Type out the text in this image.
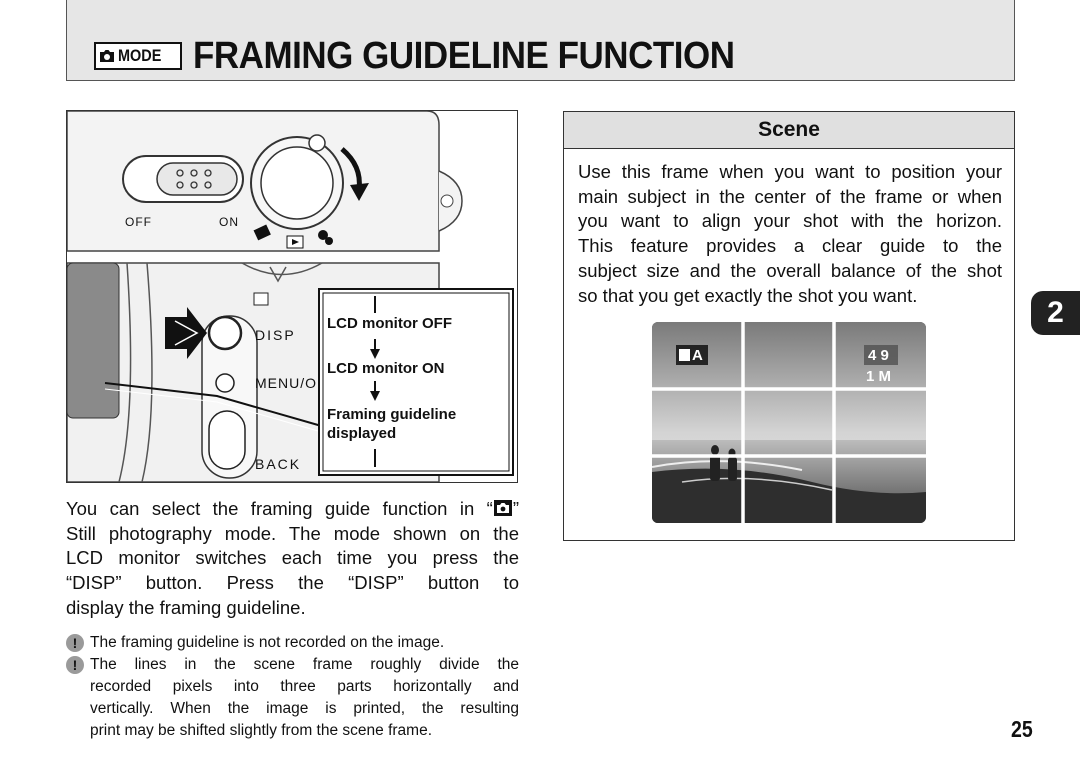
MODE FRAMING GUIDELINE FUNCTION
OFF	ON
DISP
MENU/O
BACK
LCD monitor OFF
LCD monitor ON
Framing guideline
displayed
You can select the framing guide function in “ ”
Still photography mode. The mode shown on the
LCD monitor switches each time you press the
“DISP” button. Press the “DISP” button to
display the framing guideline.
! The framing guideline is not recorded on the image.
! The lines in the scene frame roughly divide the
recorded pixels into three parts horizontally and
vertically. When the image is printed, the resulting
print may be shifted slightly from the scene frame.
Scene
Use this frame when you want to position your
main subject in the center of the frame or when
you want to align your shot with the horizon.
This feature provides a clear guide to the
subject size and the overall balance of the shot
so that you get exactly the shot you want.
A	4 9
1 M
2
25
